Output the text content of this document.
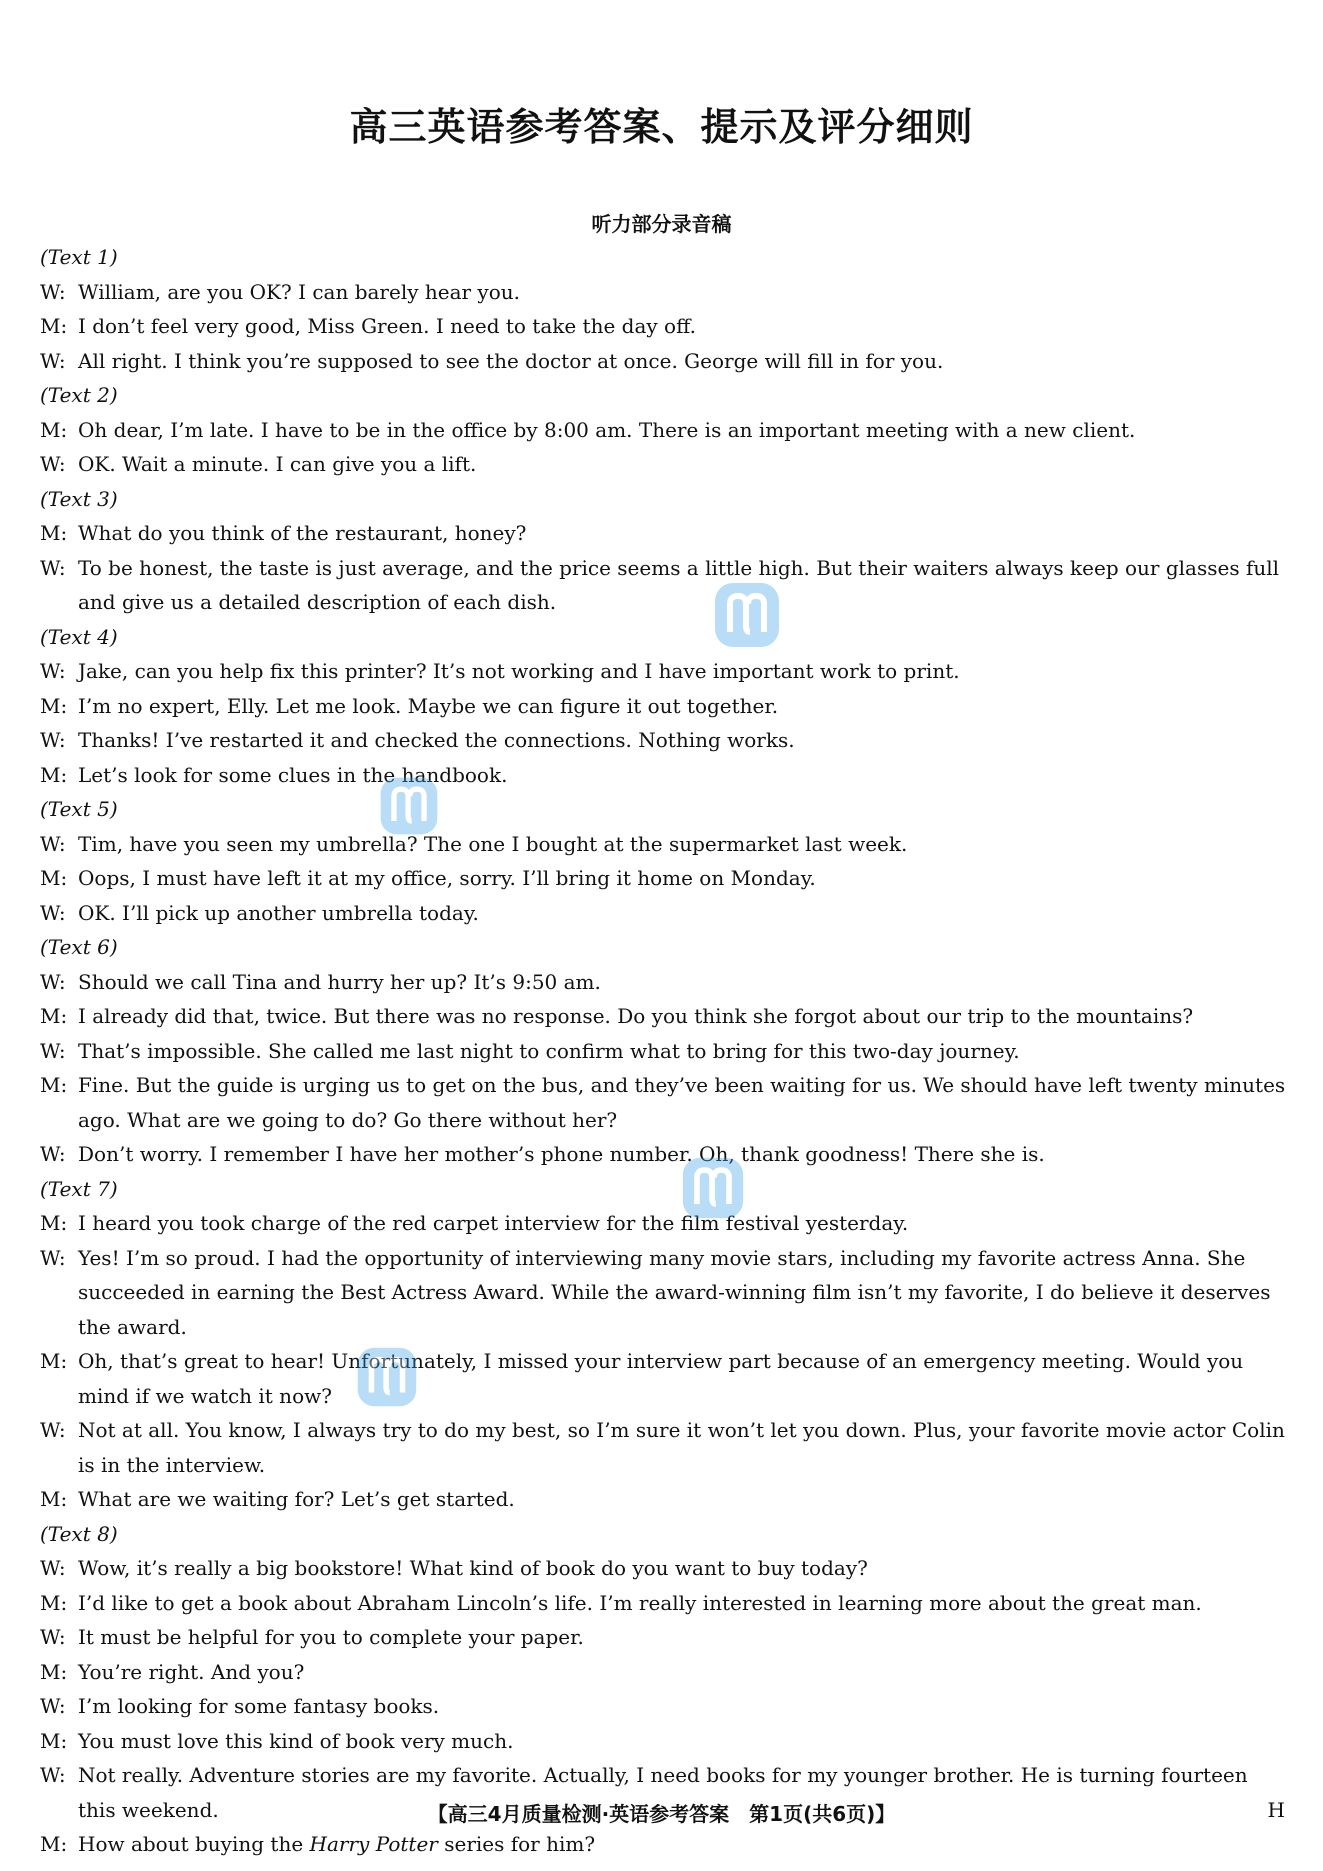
高三英语参考答案、提示及评分细则
听力部分录音稿
(Text 1)
W: William, are you OK? I can barely hear you.
M: I don’t feel very good, Miss Green. I need to take the day off.
W: All right. I think you’re supposed to see the doctor at once. George will fill in for you.
(Text 2)
M: Oh dear, I’m late. I have to be in the office by 8:00 am. There is an important meeting with a new client.
W: OK. Wait a minute. I can give you a lift.
(Text 3)
M: What do you think of the restaurant, honey?
W: To be honest, the taste is just average, and the price seems a little high. But their waiters always keep our glasses full and give us a detailed description of each dish.
(Text 4)
W: Jake, can you help fix this printer? It’s not working and I have important work to print.
M: I’m no expert, Elly. Let me look. Maybe we can figure it out together.
W: Thanks! I’ve restarted it and checked the connections. Nothing works.
M: Let’s look for some clues in the handbook.
(Text 5)
W: Tim, have you seen my umbrella? The one I bought at the supermarket last week.
M: Oops, I must have left it at my office, sorry. I’ll bring it home on Monday.
W: OK. I’ll pick up another umbrella today.
(Text 6)
W: Should we call Tina and hurry her up? It’s 9:50 am.
M: I already did that, twice. But there was no response. Do you think she forgot about our trip to the mountains?
W: That’s impossible. She called me last night to confirm what to bring for this two-day journey.
M: Fine. But the guide is urging us to get on the bus, and they’ve been waiting for us. We should have left twenty minutes ago. What are we going to do? Go there without her?
W: Don’t worry. I remember I have her mother’s phone number. Oh, thank goodness! There she is.
(Text 7)
M: I heard you took charge of the red carpet interview for the film festival yesterday.
W: Yes! I’m so proud. I had the opportunity of interviewing many movie stars, including my favorite actress Anna. She succeeded in earning the Best Actress Award. While the award-winning film isn’t my favorite, I do believe it deserves the award.
M: Oh, that’s great to hear! Unfortunately, I missed your interview part because of an emergency meeting. Would you mind if we watch it now?
W: Not at all. You know, I always try to do my best, so I’m sure it won’t let you down. Plus, your favorite movie actor Colin is in the interview.
M: What are we waiting for? Let’s get started.
(Text 8)
W: Wow, it’s really a big bookstore! What kind of book do you want to buy today?
M: I’d like to get a book about Abraham Lincoln’s life. I’m really interested in learning more about the great man.
W: It must be helpful for you to complete your paper.
M: You’re right. And you?
W: I’m looking for some fantasy books.
M: You must love this kind of book very much.
W: Not really. Adventure stories are my favorite. Actually, I need books for my younger brother. He is turning fourteen this weekend.
M: How about buying the Harry Potter series for him?
【高三4月质量检测·英语参考答案　第1页(共6页)】	H
